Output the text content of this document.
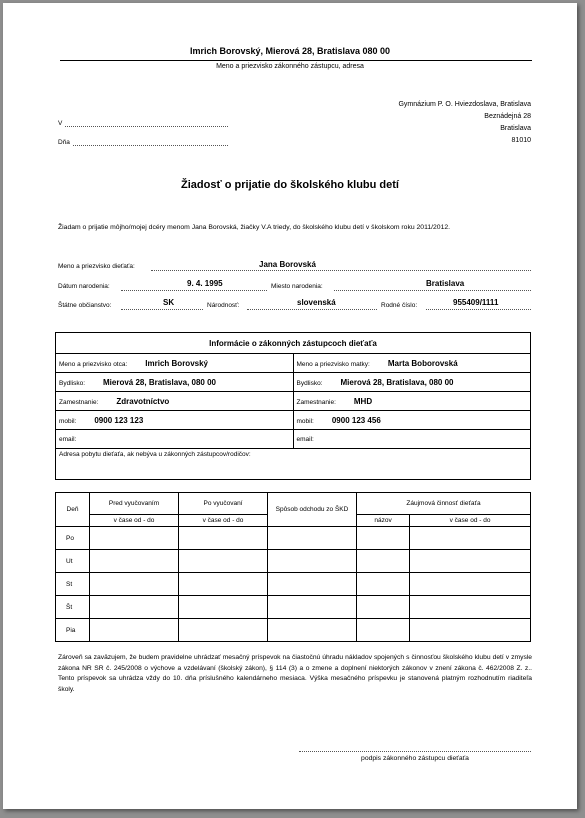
Imrich Borovský, Mierová 28, Bratislava 080 00
Meno a priezvisko zákonného zástupcu, adresa
V
Dňa
Gymnázium P. O. Hviezdoslava, Bratislava
Beznádejná 28
Bratislava
81010
Žiadosť o prijatie do školského klubu detí
Žiadam o prijatie môjho/mojej dcéry menom Jana Borovská, žiačky V.A triedy, do školského klubu detí v školskom roku 2011/2012.
Meno a priezvisko dieťaťa:	Jana Borovská
Dátum narodenia:	9. 4. 1995	Miesto narodenia:	Bratislava
Štátne občianstvo:	SK	Národnosť:	slovenská	Rodné číslo:	955409/1111
Informácie o zákonných zástupcoch dieťaťa	
Meno a priezvisko otca: Imrich Borovský	Meno a priezvisko matky: Marta Boborovská
Bydlisko: Mierová 28, Bratislava, 080 00	Bydlisko: Mierová 28, Bratislava, 080 00
Zamestnanie: Zdravotníctvo	Zamestnanie: MHD
mobil: 0900 123 123	mobil: 0900 123 456
email:	email:
Adresa pobytu dieťaťa, ak nebýva u zákonných zástupcov/rodičov:	
Deň	Pred vyučovaním	Po vyučovaní	Spôsob odchodu zo ŠKD	Záujmová činnosť dieťaťa	
	v čase od - do	v čase od - do		názov	v čase od - do
Po					
Ut					
St					
Št					
Pia					
Zároveň sa zaväzujem, že budem pravidelne uhrádzať mesačný príspevok na čiastočnú úhradu nákladov spojených s činnosťou školského klubu detí v zmysle zákona NR SR č. 245/2008 o výchove a vzdelávaní (školský zákon), § 114 (3) a o zmene a doplnení niektorých zákonov v znení zákona č. 462/2008 Z. z.. Tento príspevok sa uhrádza vždy do 10. dňa príslušného kalendárneho mesiaca. Výška mesačného príspevku je stanovená platným rozhodnutím riaditeľa školy.
podpis zákonného zástupcu dieťaťa
